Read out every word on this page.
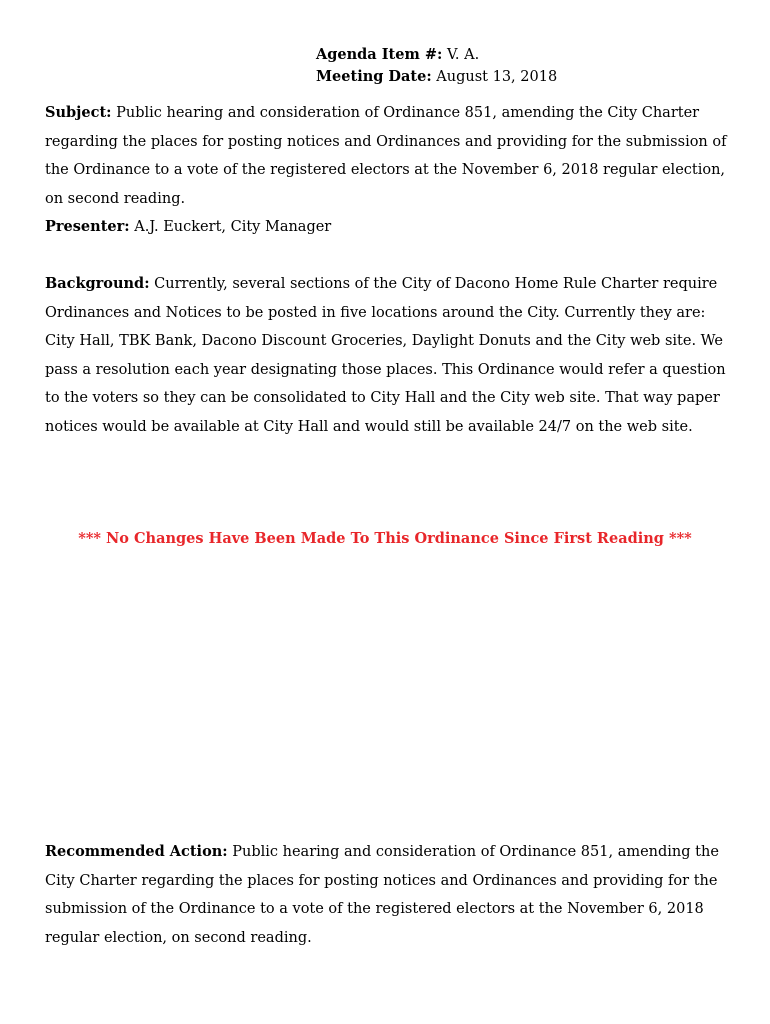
Agenda Item #: V. A.
Meeting Date: August 13, 2018
Subject: Public hearing and consideration of Ordinance 851, amending the City Charter regarding the places for posting notices and Ordinances and providing for the submission of the Ordinance to a vote of the registered electors at the November 6, 2018 regular election, on second reading.
Presenter: A.J. Euckert, City Manager
Background: Currently, several sections of the City of Dacono Home Rule Charter require Ordinances and Notices to be posted in five locations around the City. Currently they are: City Hall, TBK Bank, Dacono Discount Groceries, Daylight Donuts and the City web site. We pass a resolution each year designating those places. This Ordinance would refer a question to the voters so they can be consolidated to City Hall and the City web site. That way paper notices would be available at City Hall and would still be available 24/7 on the web site.
*** No Changes Have Been Made To This Ordinance Since First Reading ***
Recommended Action: Public hearing and consideration of Ordinance 851, amending the City Charter regarding the places for posting notices and Ordinances and providing for the submission of the Ordinance to a vote of the registered electors at the November 6, 2018 regular election, on second reading.
